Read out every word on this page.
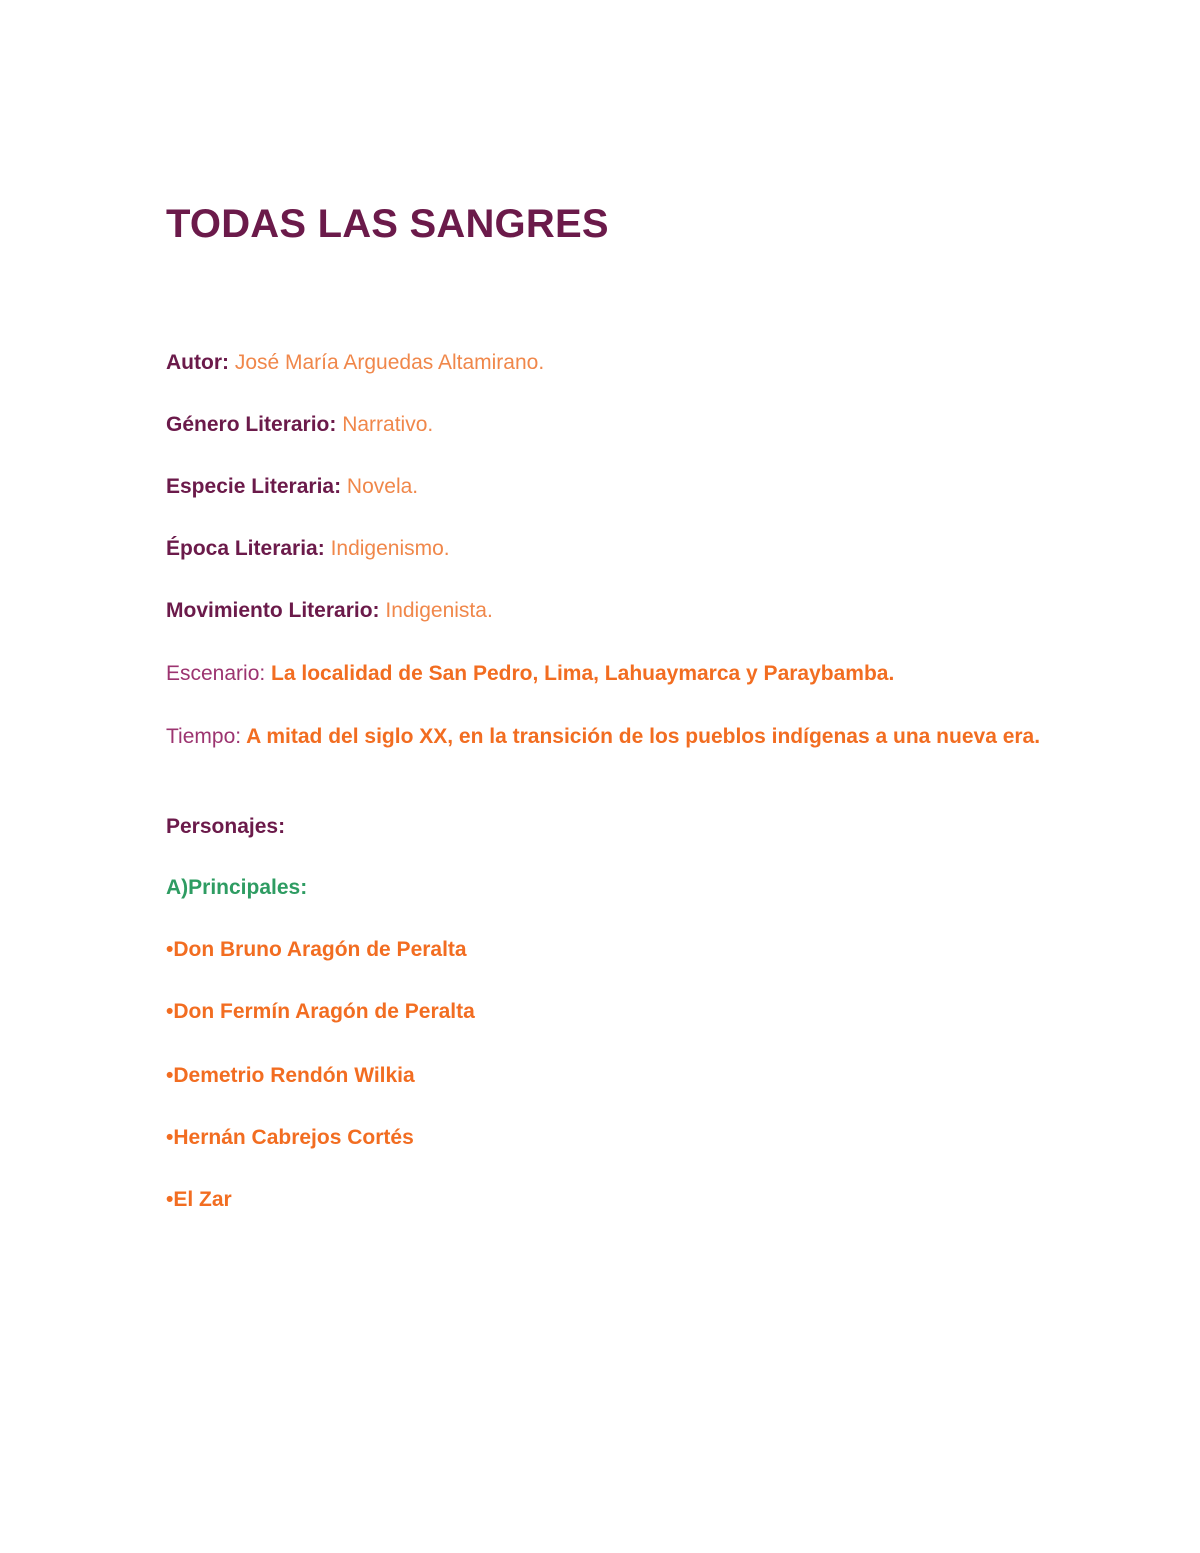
TODAS LAS SANGRES

Autor: José María Arguedas Altamirano.

Género Literario: Narrativo.

Especie Literaria: Novela.

Época Literaria: Indigenismo.

Movimiento Literario: Indigenista.

Escenario: La localidad de San Pedro, Lima, Lahuaymarca y Paraybamba.

Tiempo: A mitad del siglo XX, en la transición de los pueblos indígenas a una nueva era.

Personajes:

A)Principales:

•Don Bruno Aragón de Peralta

•Don Fermín Aragón de Peralta

•Demetrio Rendón Wilkia

•Hernán Cabrejos Cortés

•El Zar
